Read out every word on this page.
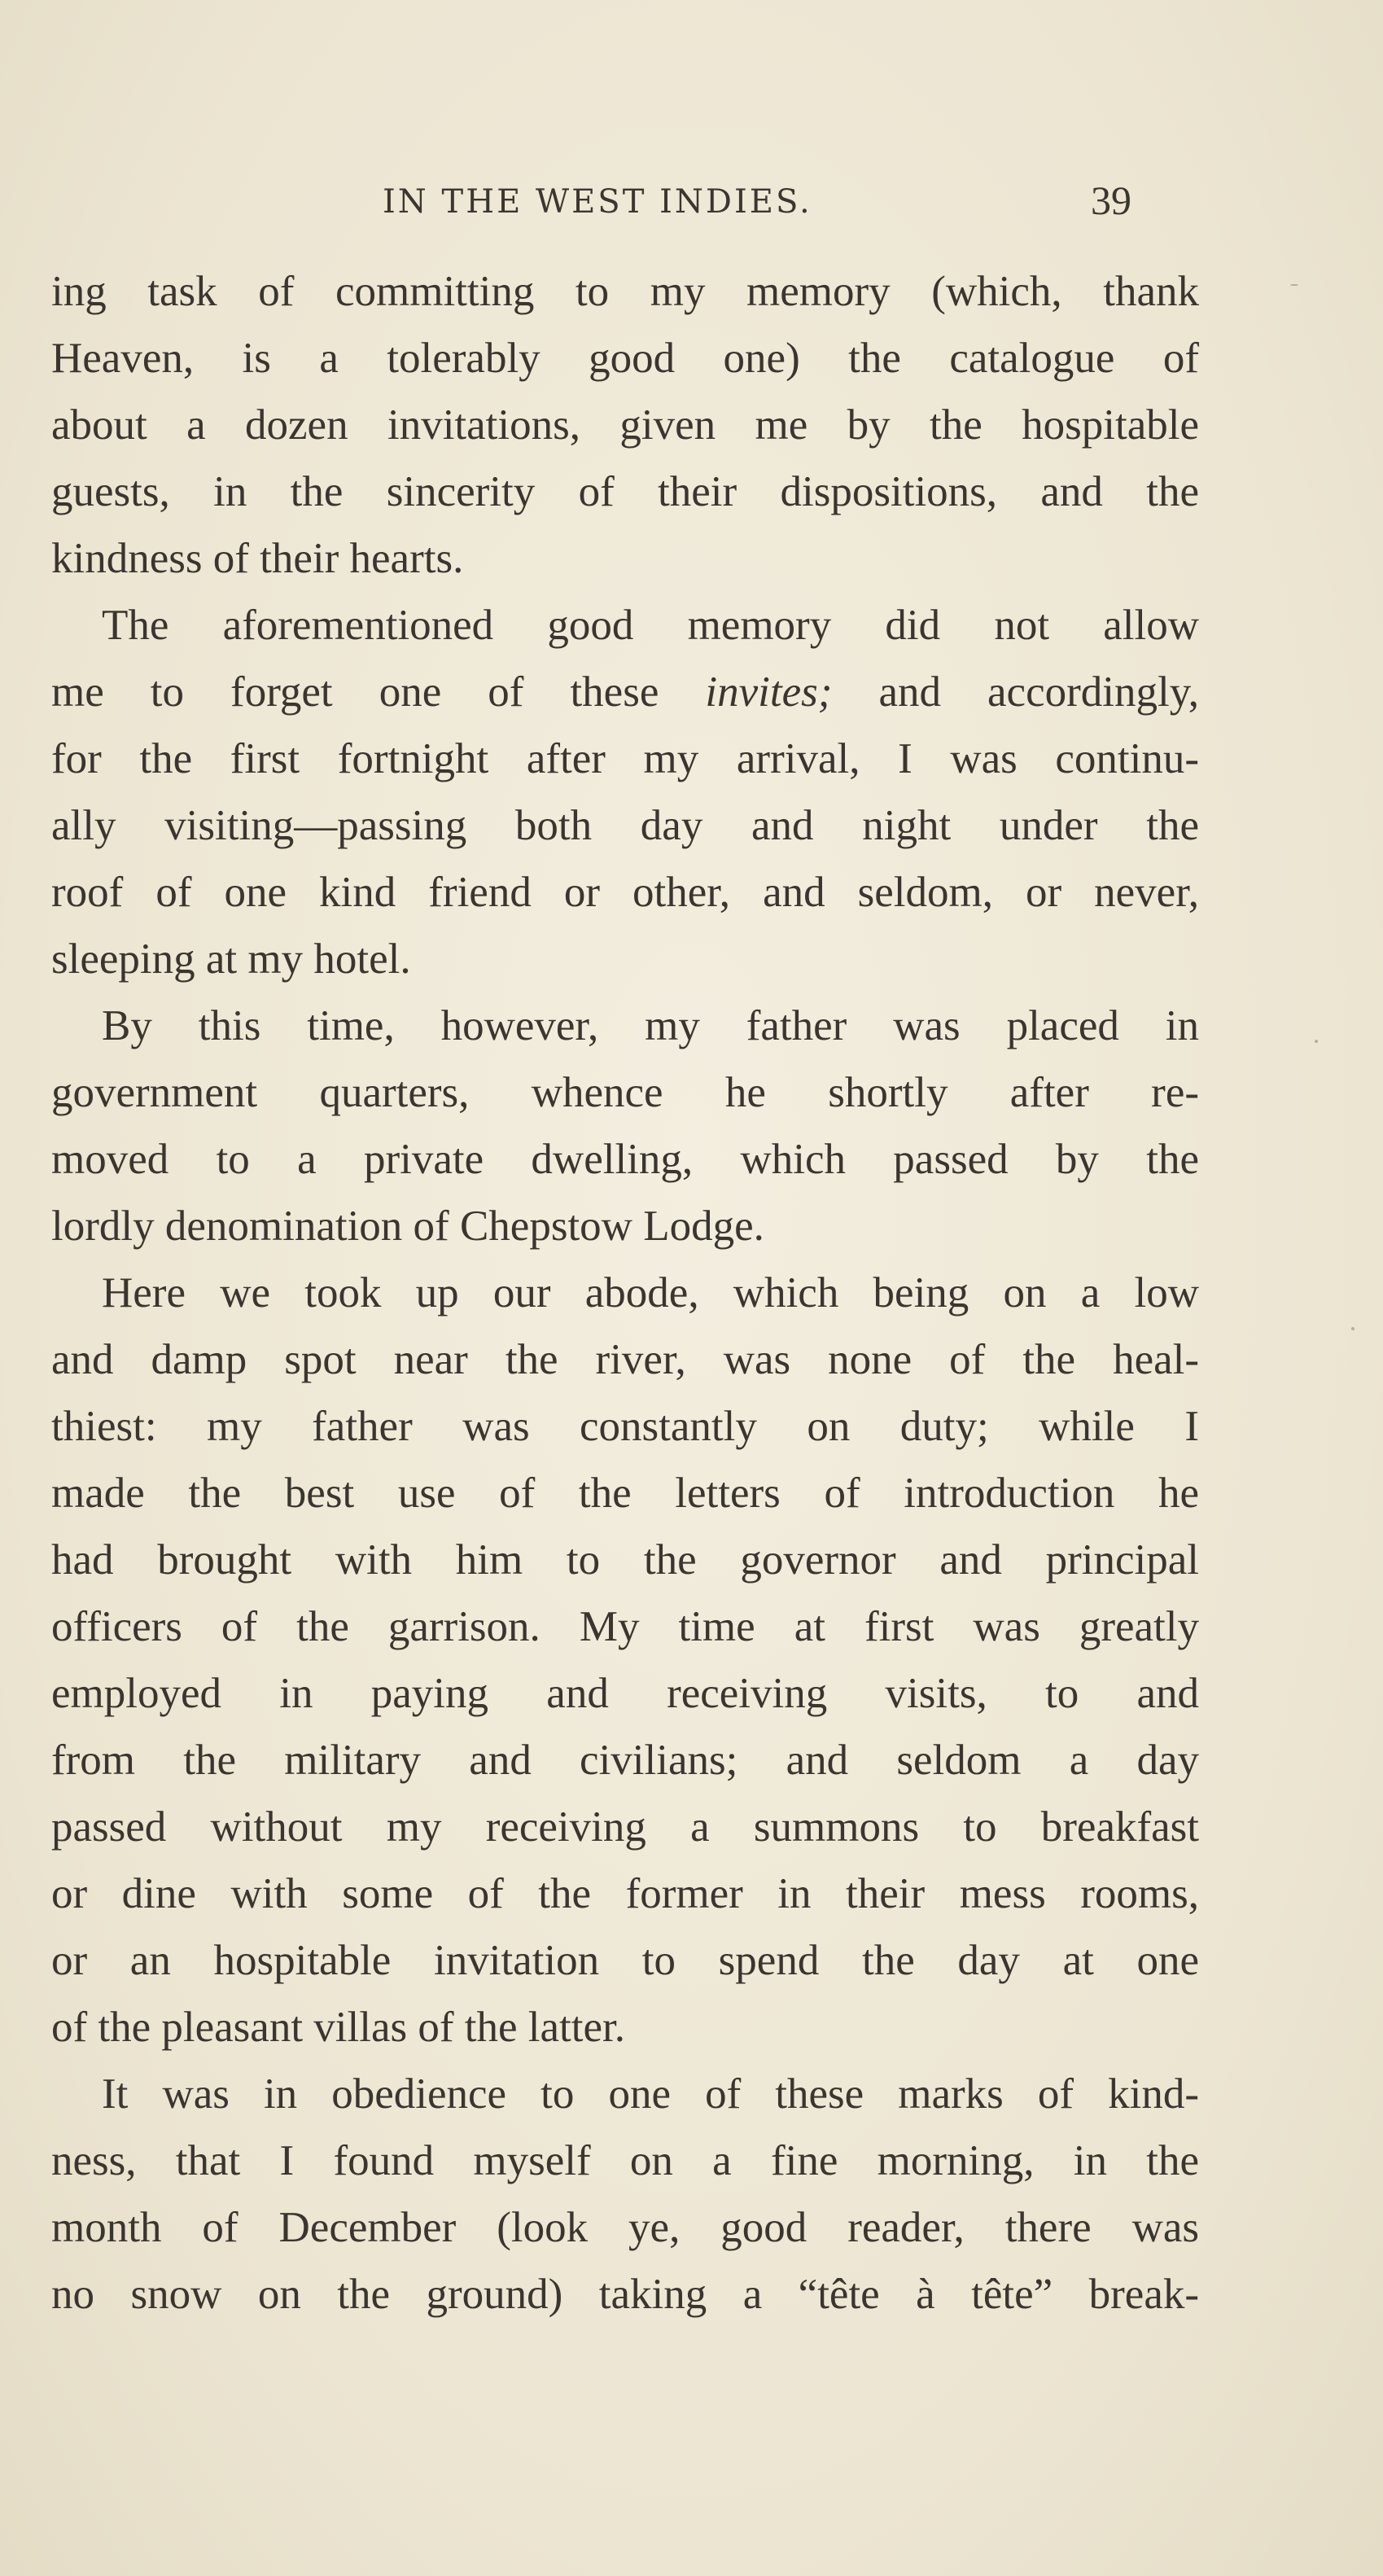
IN THE WEST INDIES.	39
ing task of committing to my memory (which, thank
Heaven, is a tolerably good one) the catalogue of
about a dozen invitations, given me by the hospitable
guests, in the sincerity of their dispositions, and the
kindness of their hearts.
The aforementioned good memory did not allow
me to forget one of these invites; and accordingly,
for the first fortnight after my arrival, I was continu-
ally visiting—passing both day and night under the
roof of one kind friend or other, and seldom, or never,
sleeping at my hotel.
By this time, however, my father was placed in
government quarters, whence he shortly after re-
moved to a private dwelling, which passed by the
lordly denomination of Chepstow Lodge.
Here we took up our abode, which being on a low
and damp spot near the river, was none of the heal-
thiest: my father was constantly on duty; while I
made the best use of the letters of introduction he
had brought with him to the governor and principal
officers of the garrison. My time at first was greatly
employed in paying and receiving visits, to and
from the military and civilians; and seldom a day
passed without my receiving a summons to breakfast
or dine with some of the former in their mess rooms,
or an hospitable invitation to spend the day at one
of the pleasant villas of the latter.
It was in obedience to one of these marks of kind-
ness, that I found myself on a fine morning, in the
month of December (look ye, good reader, there was
no snow on the ground) taking a “tête à tête” break-
